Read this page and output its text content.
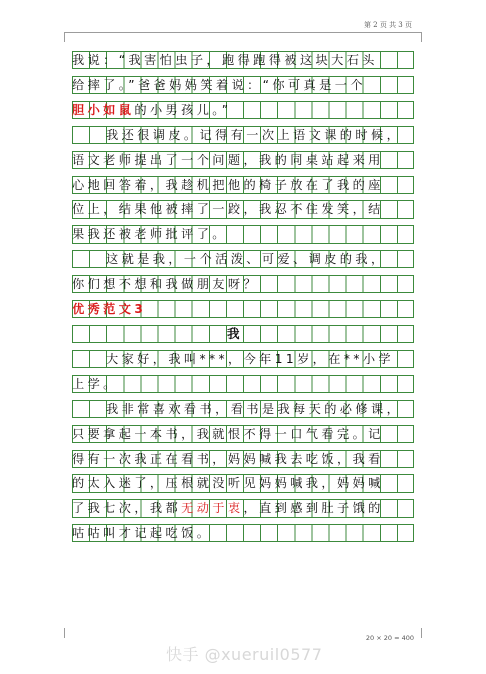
第 2 页 共 3 页
我说：“我害怕虫子，跑得跑得被这块大石头
给摔了。”爸爸妈妈笑着说：“你可真是一个
胆小如鼠的小男孩儿。”
我还很调皮。记得有一次上语文课的时候，
语文老师提出了一个问题，我的同桌站起来用
心地回答着，我趁机把他的椅子放在了我的座
位上，结果他被摔了一跤，我忍不住发笑，结
果我还被老师批评了。
这就是我，一个活泼、可爱、调皮的我，
你们想不想和我做朋友呀？
优秀范文3
我
大家好，我叫***，今年11岁，在**小学
上学。
我非常喜欢看书，看书是我每天的必修课，
只要拿起一本书，我就恨不得一口气看完。记
得有一次我正在看书，妈妈喊我去吃饭，我看
的太入迷了，压根就没听见妈妈喊我，妈妈喊
了我七次，我都无动于衷，直到感到肚子饿的
咕咕叫才记起吃饭。
20 × 20 = 400
快手 @xueruil0577
